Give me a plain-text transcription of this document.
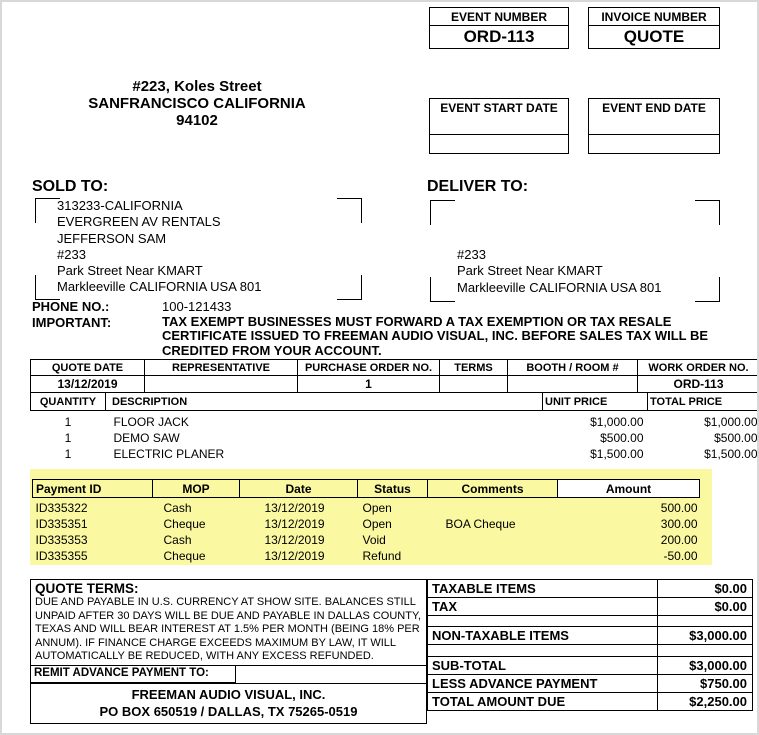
EVENT NUMBER
ORD-113
INVOICE NUMBER
QUOTE
#223, Koles Street
SANFRANCISCO CALIFORNIA
94102
EVENT START DATE	EVENT END DATE
SOLD TO:
313233-CALIFORNIA
EVERGREEN AV RENTALS
JEFFERSON SAM
#233
Park Street Near KMART
Markleeville CALIFORNIA USA 801
DELIVER TO:
#233
Park Street Near KMART
Markleeville CALIFORNIA USA 801
PHONE NO.:	100-121433
IMPORTANT:	TAX EXEMPT BUSINESSES MUST FORWARD A TAX EXEMPTION OR TAX RESALE
CERTIFICATE ISSUED TO FREEMAN AUDIO VISUAL, INC. BEFORE SALES TAX WILL BE
CREDITED FROM YOUR ACCOUNT.
QUOTE DATE	REPRESENTATIVE	PURCHASE ORDER NO.	TERMS	BOOTH / ROOM #	WORK ORDER NO.
13/12/2019		1			ORD-113
QUANTITY	DESCRIPTION	UNIT PRICE	TOTAL PRICE
1	FLOOR JACK	$1,000.00	$1,000.00
1	DEMO SAW	$500.00	$500.00
1	ELECTRIC PLANER	$1,500.00	$1,500.00
Payment ID	MOP	Date	Status	Comments	Amount
ID335322	Cash	13/12/2019	Open		500.00
ID335351	Cheque	13/12/2019	Open	BOA Cheque	300.00
ID335353	Cash	13/12/2019	Void		200.00
ID335355	Cheque	13/12/2019	Refund		-50.00
QUOTE TERMS:
DUE AND PAYABLE IN U.S. CURRENCY AT SHOW SITE. BALANCES STILL
UNPAID AFTER 30 DAYS WILL BE DUE AND PAYABLE IN DALLAS COUNTY,
TEXAS AND WILL BEAR INTEREST AT 1.5% PER MONTH (BEING 18% PER
ANNUM). IF FINANCE CHARGE EXCEEDS MAXIMUM BY LAW, IT WILL
AUTOMATICALLY BE REDUCED, WITH ANY EXCESS REFUNDED.
REMIT ADVANCE PAYMENT TO:
FREEMAN AUDIO VISUAL, INC.
PO BOX 650519 / DALLAS, TX 75265-0519
TAXABLE ITEMS	$0.00
TAX	$0.00

NON-TAXABLE ITEMS	$3,000.00

SUB-TOTAL	$3,000.00
LESS ADVANCE PAYMENT	$750.00
TOTAL AMOUNT DUE	$2,250.00
